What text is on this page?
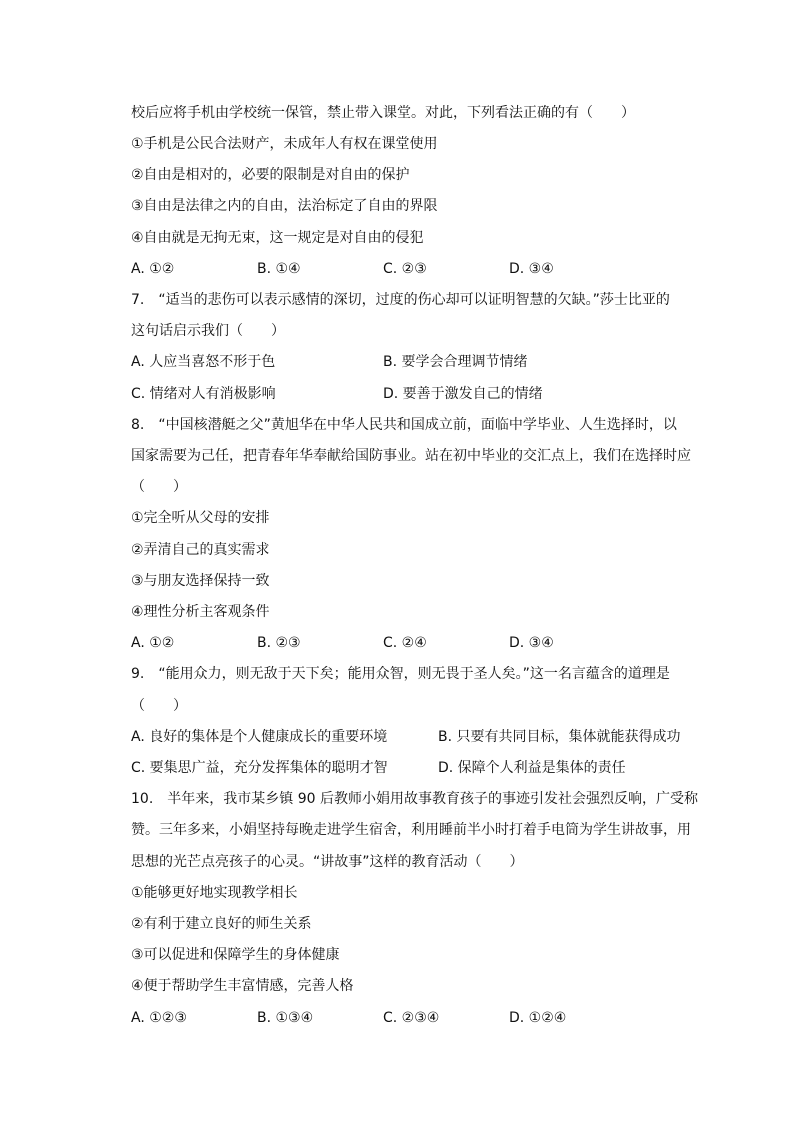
校后应将手机由学校统一保管，禁止带入课堂。对此，下列看法正确的有（　　）
①手机是公民合法财产，未成年人有权在课堂使用
②自由是相对的，必要的限制是对自由的保护
③自由是法律之内的自由，法治标定了自由的界限
④自由就是无拘无束，这一规定是对自由的侵犯
A. ①②	B. ①④	C. ②③	D. ③④
7.　“适当的悲伤可以表示感情的深切，过度的伤心却可以证明智慧的欠缺。”莎士比亚的
这句话启示我们（　　）
A. 人应当喜怒不形于色	B. 要学会合理调节情绪
C. 情绪对人有消极影响	D. 要善于激发自己的情绪
8.　“中国核潜艇之父”黄旭华在中华人民共和国成立前，面临中学毕业、人生选择时，以
国家需要为己任，把青春年华奉献给国防事业。站在初中毕业的交汇点上，我们在选择时应
（　　）
①完全听从父母的安排
②弄清自己的真实需求
③与朋友选择保持一致
④理性分析主客观条件
A. ①②	B. ②③	C. ②④	D. ③④
9.　“能用众力，则无敌于天下矣；能用众智，则无畏于圣人矣。”这一名言蕴含的道理是
（　　）
A. 良好的集体是个人健康成长的重要环境	B. 只要有共同目标，集体就能获得成功
C. 要集思广益，充分发挥集体的聪明才智	D. 保障个人利益是集体的责任
10.　半年来，我市某乡镇 90 后教师小娟用故事教育孩子的事迹引发社会强烈反响，广受称
赞。三年多来，小娟坚持每晚走进学生宿舍，利用睡前半小时打着手电筒为学生讲故事，用
思想的光芒点亮孩子的心灵。“讲故事”这样的教育活动（　　）
①能够更好地实现教学相长
②有利于建立良好的师生关系
③可以促进和保障学生的身体健康
④便于帮助学生丰富情感，完善人格
A. ①②③	B. ①③④	C. ②③④	D. ①②④
